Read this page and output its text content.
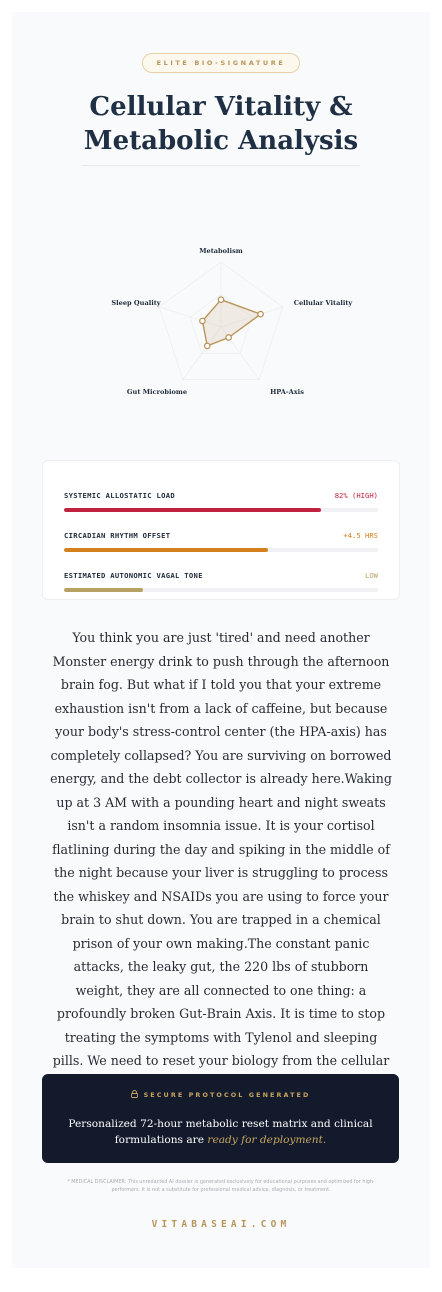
ELITE BIO-SIGNATURE
Cellular Vitality &
Metabolic Analysis
Metabolism
Cellular Vitality
HPA-Axis
Gut Microbiome
Sleep Quality
SYSTEMIC ALLOSTATIC LOAD	82% (HIGH)
CIRCADIAN RHYTHM OFFSET	+4.5 HRS
ESTIMATED AUTONOMIC VAGAL TONE	LOW

You think you are just 'tired' and need another Monster energy drink to push through the afternoon brain fog. But what if I told you that your extreme exhaustion isn't from a lack of caffeine, but because your body's stress-control center (the HPA-axis) has completely collapsed? You are surviving on borrowed energy, and the debt collector is already here.Waking up at 3 AM with a pounding heart and night sweats isn't a random insomnia issue. It is your cortisol flatlining during the day and spiking in the middle of the night because your liver is struggling to process the whiskey and NSAIDs you are using to force your brain to shut down. You are trapped in a chemical prison of your own making.The constant panic attacks, the leaky gut, the 220 lbs of stubborn weight, they are all connected to one thing: a profoundly broken Gut-Brain Axis. It is time to stop treating the symptoms with Tylenol and sleeping pills. We need to reset your biology from the cellular

SECURE PROTOCOL GENERATED
Personalized 72-hour metabolic reset matrix and clinical formulations are ready for deployment.

* MEDICAL DISCLAIMER: This unredacted AI dossier is generated exclusively for educational purposes and optimized for high-performers. It is not a substitute for professional medical advice, diagnosis, or treatment.

VITABASEAI.COM
